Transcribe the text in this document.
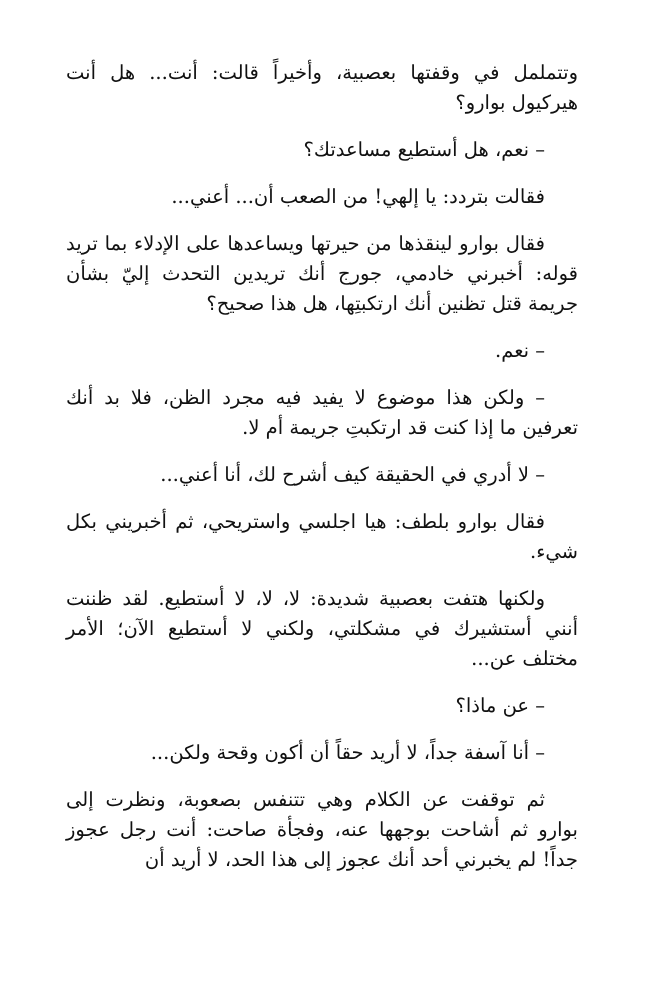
وتتململ في وقفتها بعصبية، وأخيراً قالت: أنت... هل أنت هيركيول بوارو؟

– نعم، هل أستطيع مساعدتك؟

فقالت بتردد: يا إلهي! من الصعب أن... أعني...

فقال بوارو لينقذها من حيرتها ويساعدها على الإدلاء بما تريد قوله: أخبرني خادمي، جورج أنك تريدين التحدث إليّ بشأن جريمة قتل تظنين أنك ارتكبتِها، هل هذا صحيح؟

– نعم.

– ولكن هذا موضوع لا يفيد فيه مجرد الظن، فلا بد أنك تعرفين ما إذا كنت قد ارتكبتِ جريمة أم لا.

– لا أدري في الحقيقة كيف أشرح لك، أنا أعني...

فقال بوارو بلطف: هيا اجلسي واستريحي، ثم أخبريني بكل شيء.

ولكنها هتفت بعصبية شديدة: لا، لا، لا أستطيع. لقد ظننت أنني أستشيرك في مشكلتي، ولكني لا أستطيع الآن؛ الأمر مختلف عن...

– عن ماذا؟

– أنا آسفة جداً، لا أريد حقاً أن أكون وقحة ولكن...

ثم توقفت عن الكلام وهي تتنفس بصعوبة، ونظرت إلى بوارو ثم أشاحت بوجهها عنه، وفجأة صاحت: أنت رجل عجوز جداً! لم يخبرني أحد أنك عجوز إلى هذا الحد، لا أريد أن
